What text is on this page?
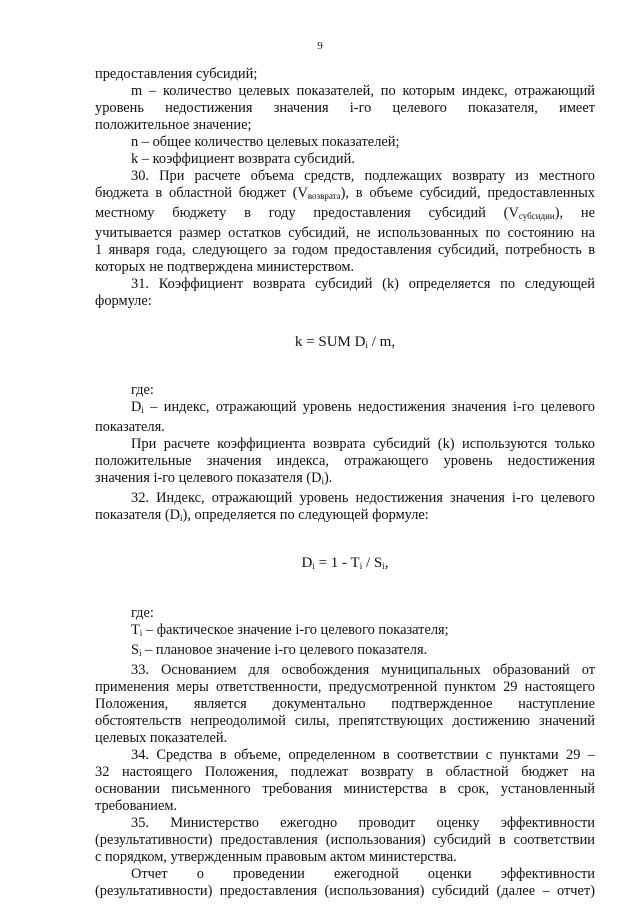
9

предоставления субсидий;

m – количество целевых показателей, по которым индекс, отражающий
уровень недостижения значения i-го целевого показателя, имеет
положительное значение;

n – общее количество целевых показателей;

k – коэффициент возврата субсидий.

30. При расчете объема средств, подлежащих возврату из местного
бюджета в областной бюджет $(V_{возврата})$, в объеме субсидий, предоставленных
местному бюджету в году предоставления субсидий $(V_{субсидии})$, не
учитывается размер остатков субсидий, не использованных по состоянию на
1 января года, следующего за годом предоставления субсидий, потребность в
которых не подтверждена министерством.

31. Коэффициент возврата субсидий (k) определяется по следующей
формуле:

k = SUM $D_i$ / m,

где:

$D_i$ – индекс, отражающий уровень недостижения значения i-го целевого
показателя.

При расчете коэффициента возврата субсидий (k) используются только
положительные значения индекса, отражающего уровень недостижения
значения i-го целевого показателя $(D_i)$.

32. Индекс, отражающий уровень недостижения значения i-го целевого
показателя $(D_i)$, определяется по следующей формуле:

$D_i = 1 - T_i / S_i$,

где:

$T_i$ – фактическое значение i-го целевого показателя;

$S_i$ – плановое значение i-го целевого показателя.

33. Основанием для освобождения муниципальных образований от
применения меры ответственности, предусмотренной пунктом 29 настоящего
Положения, является документально подтвержденное наступление
обстоятельств непреодолимой силы, препятствующих достижению значений
целевых показателей.

34. Средства в объеме, определенном в соответствии с пунктами 29 –
32 настоящего Положения, подлежат возврату в областной бюджет на
основании письменного требования министерства в срок, установленный
требованием.

35. Министерство ежегодно проводит оценку эффективности
(результативности) предоставления (использования) субсидий в соответствии
с порядком, утвержденным правовым актом министерства.

Отчет о проведении ежегодной оценки эффективности
(результативности) предоставления (использования) субсидий (далее – отчет)
